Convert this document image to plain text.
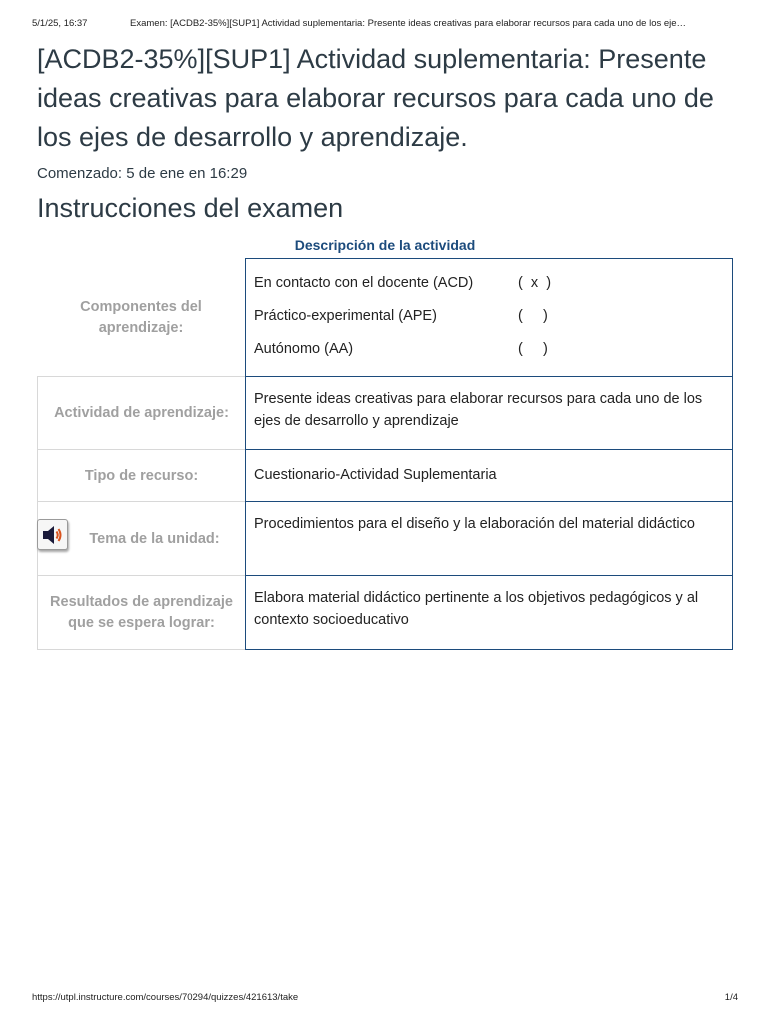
5/1/25, 16:37	Examen: [ACDB2-35%][SUP1] Actividad suplementaria: Presente ideas creativas para elaborar recursos para cada uno de los eje…
[ACDB2-35%][SUP1] Actividad suplementaria: Presente ideas creativas para elaborar recursos para cada uno de los ejes de desarrollo y aprendizaje.
Comenzado: 5 de ene en 16:29
Instrucciones del examen
Descripción de la actividad
Componentes del aprendizaje:
En contacto con el docente (ACD)	(  x  )
Práctico-experimental (APE)	(     )
Autónomo (AA)	(     )
Actividad de aprendizaje:
Presente ideas creativas para elaborar recursos para cada uno de los ejes de desarrollo y aprendizaje
Tipo de recurso:	Cuestionario-Actividad Suplementaria
Tema de la unidad:
Procedimientos para el diseño y la elaboración del material didáctico
Resultados de aprendizaje que se espera lograr:
Elabora material didáctico pertinente a los objetivos pedagógicos y al contexto socioeducativo
https://utpl.instructure.com/courses/70294/quizzes/421613/take	1/4
